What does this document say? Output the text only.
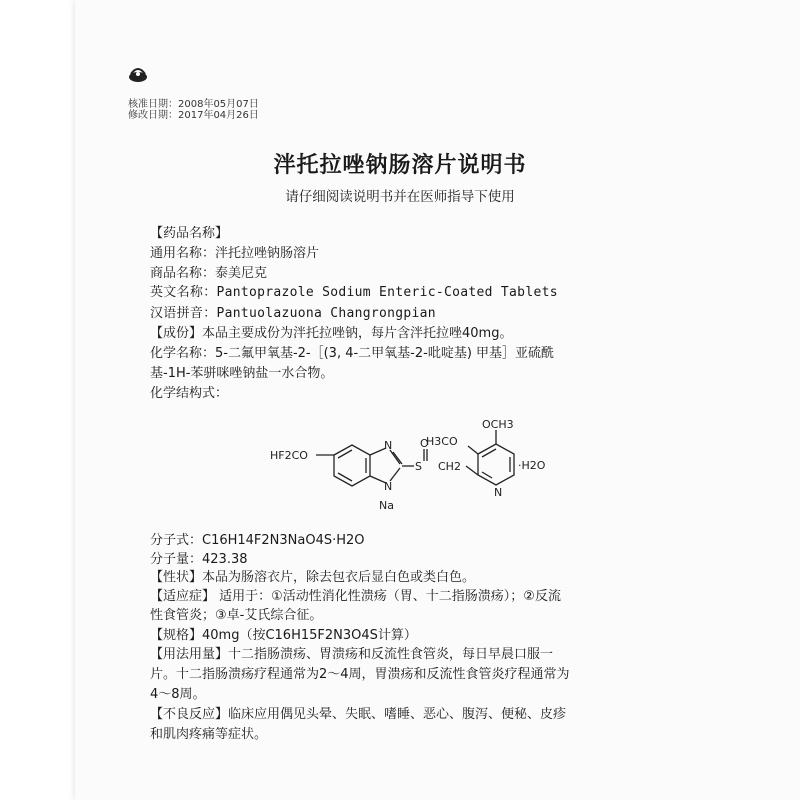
核准日期：2008年05月07日
修改日期：2017年04月26日
泮托拉唑钠肠溶片说明书
请仔细阅读说明书并在医师指导下使用
【药品名称】
通用名称：泮托拉唑钠肠溶片
商品名称：泰美尼克
英文名称：Pantoprazole Sodium Enteric-Coated Tablets
汉语拼音：Pantuolazuona Changrongpian
【成份】本品主要成份为泮托拉唑钠，每片含泮托拉唑40mg。
化学名称：5-二氟甲氧基-2-［(3, 4-二甲氧基-2-吡啶基) 甲基］亚硫酰
基-1H-苯骈咪唑钠盐一水合物。
化学结构式：
HF2CO
N
N
Na
S
O
CH2
N
OCH3
H3CO
·H2O
分子式：C16H14F2N3NaO4S·H2O
分子量：423.38
【性状】本品为肠溶衣片，除去包衣后显白色或类白色。
【适应症】 适用于：①活动性消化性溃疡（胃、十二指肠溃疡）；②反流
性食管炎；③卓-艾氏综合征。
【规格】40mg（按C16H15F2N3O4S计算）
【用法用量】十二指肠溃疡、胃溃疡和反流性食管炎，每日早晨口服一
片。十二指肠溃疡疗程通常为2～4周，胃溃疡和反流性食管炎疗程通常为
4～8周。
【不良反应】临床应用偶见头晕、失眠、嗜睡、恶心、腹泻、便秘、皮疹
和肌肉疼痛等症状。
